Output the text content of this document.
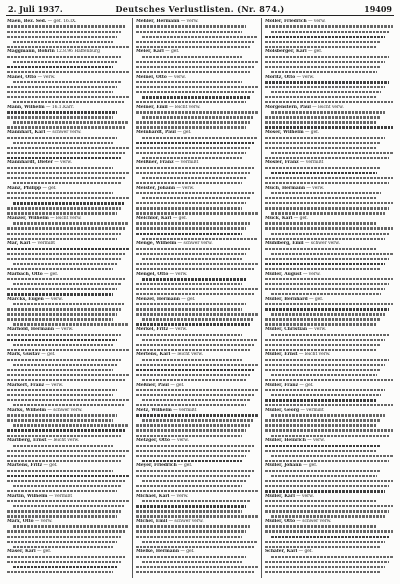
2. Juli 1937.	Deutsches Verlustlisten. (Nr. 874.)	19409
Maen, Bez. Sed. — gef. 16.IX.
Maggmann, Böhrin 12.8.96 Haffenburg
Manel, Otto — verw.
Mann, Wilhelm — 16.1.Karr.
Mannhart, Karl — schwer verw.
Mannhardt, Dieter — verw.
Manz, Philipp — gef.
Manzer, Wilhelm — leicht verw.
Mar, Karl — vermißt
Marbach, Otto — gef.
Marcks, Eugen — verw.
Marhold, Hermann — verw.
Mark, Gustav — gef.
Markert, Franz — verw.
Marks, Wilhelm — schwer verw.
Marlberg, Ernst — leicht verw.
Martens, Fritz — gef.
Martin, Wilhelm — vermißt
Marx, Otto — verw.
Maser, Karl — gef.
Mehler, Hermann — verw.
Meier, Karl — gef.
Meinel, Otto — verw.
Meiner, Emil — leicht verw.
Meinhardt, Paul — gef.
Meißner, Franz — vermißt
Meister, Johann — verw.
Melchior, Karl — gef.
Menge, Wilhelm — schwer verw.
Mengel, Otto — verw.
Menzel, Hermann — gef.
Merkel, Fritz — verw.
Mertens, Karl — leicht verw.
Meßner, Paul — gef.
Metz, Wilhelm — vermißt
Metzger, Otto — verw.
Meyer, Friedrich — gef.
Michael, Karl — verw.
Michel, Emil — schwer verw.
Mielke, Hermann — gef.
Möller, Friedrich — verw.
Molsberger, Karl — gef.
Moritz, Otto — verw.
Morgenstern, Paul — leicht verw.
Moser, Wilhelm — gef.
Mosler, Franz — vermißt
Much, Hermann — verw.
Mück, Karl — gef.
Mühlberg, Emil — schwer verw.
Müller, August — verw.
Müller, Bernhard — gef.
Müller, Christian — verw.
Müller, Ernst — leicht verw.
Müller, Franz — gef.
Müller, Georg — vermißt
Müller, Heinrich — verw.
Müller, Johann — gef.
Müller, Karl — verw.
Müller, Otto — schwer verw.
Schäfer, Karl — gef.
